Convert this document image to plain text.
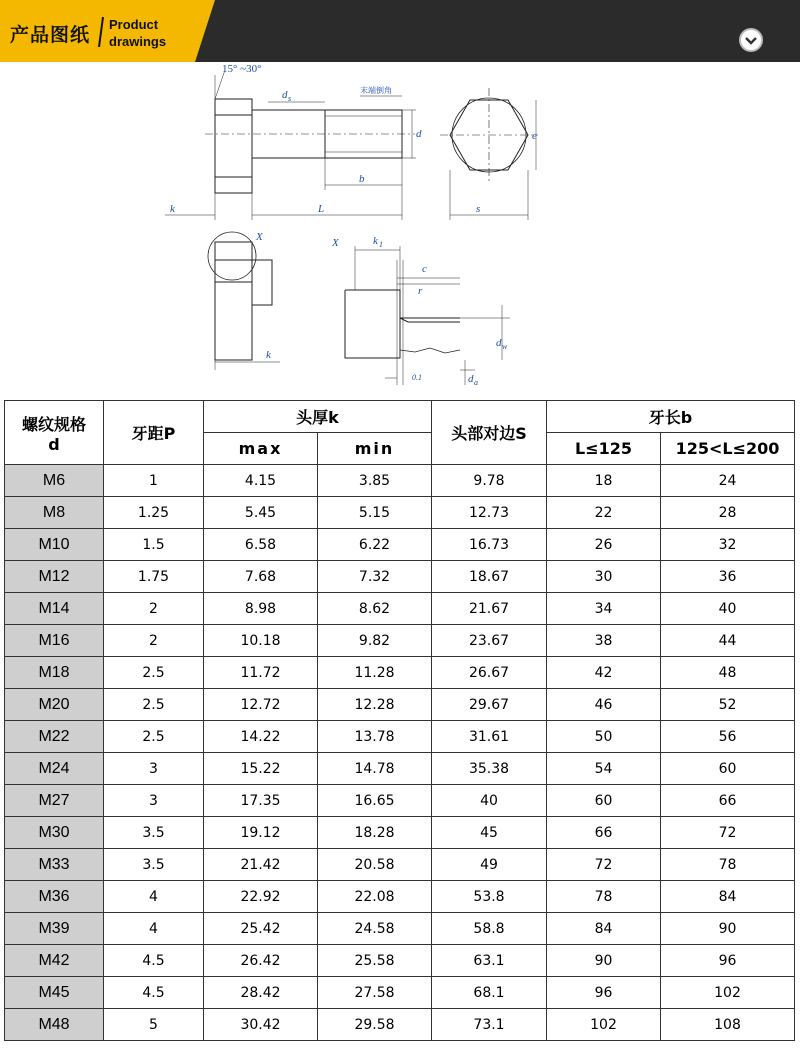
产品图纸 Product
drawings
15° ~30°
末端倒角
d s
d	e
b
k	L	s
X
k
X	k 1
c
r
d w
d a
0.1
螺纹规格
d	牙距P	头厚k		头部对边S	牙长b	
		max	min		L≤125	125<L≤200
M6	1	4.15	3.85	9.78	18	24
M8	1.25	5.45	5.15	12.73	22	28
M10	1.5	6.58	6.22	16.73	26	32
M12	1.75	7.68	7.32	18.67	30	36
M14	2	8.98	8.62	21.67	34	40
M16	2	10.18	9.82	23.67	38	44
M18	2.5	11.72	11.28	26.67	42	48
M20	2.5	12.72	12.28	29.67	46	52
M22	2.5	14.22	13.78	31.61	50	56
M24	3	15.22	14.78	35.38	54	60
M27	3	17.35	16.65	40	60	66
M30	3.5	19.12	18.28	45	66	72
M33	3.5	21.42	20.58	49	72	78
M36	4	22.92	22.08	53.8	78	84
M39	4	25.42	24.58	58.8	84	90
M42	4.5	26.42	25.58	63.1	90	96
M45	4.5	28.42	27.58	68.1	96	102
M48	5	30.42	29.58	73.1	102	108
